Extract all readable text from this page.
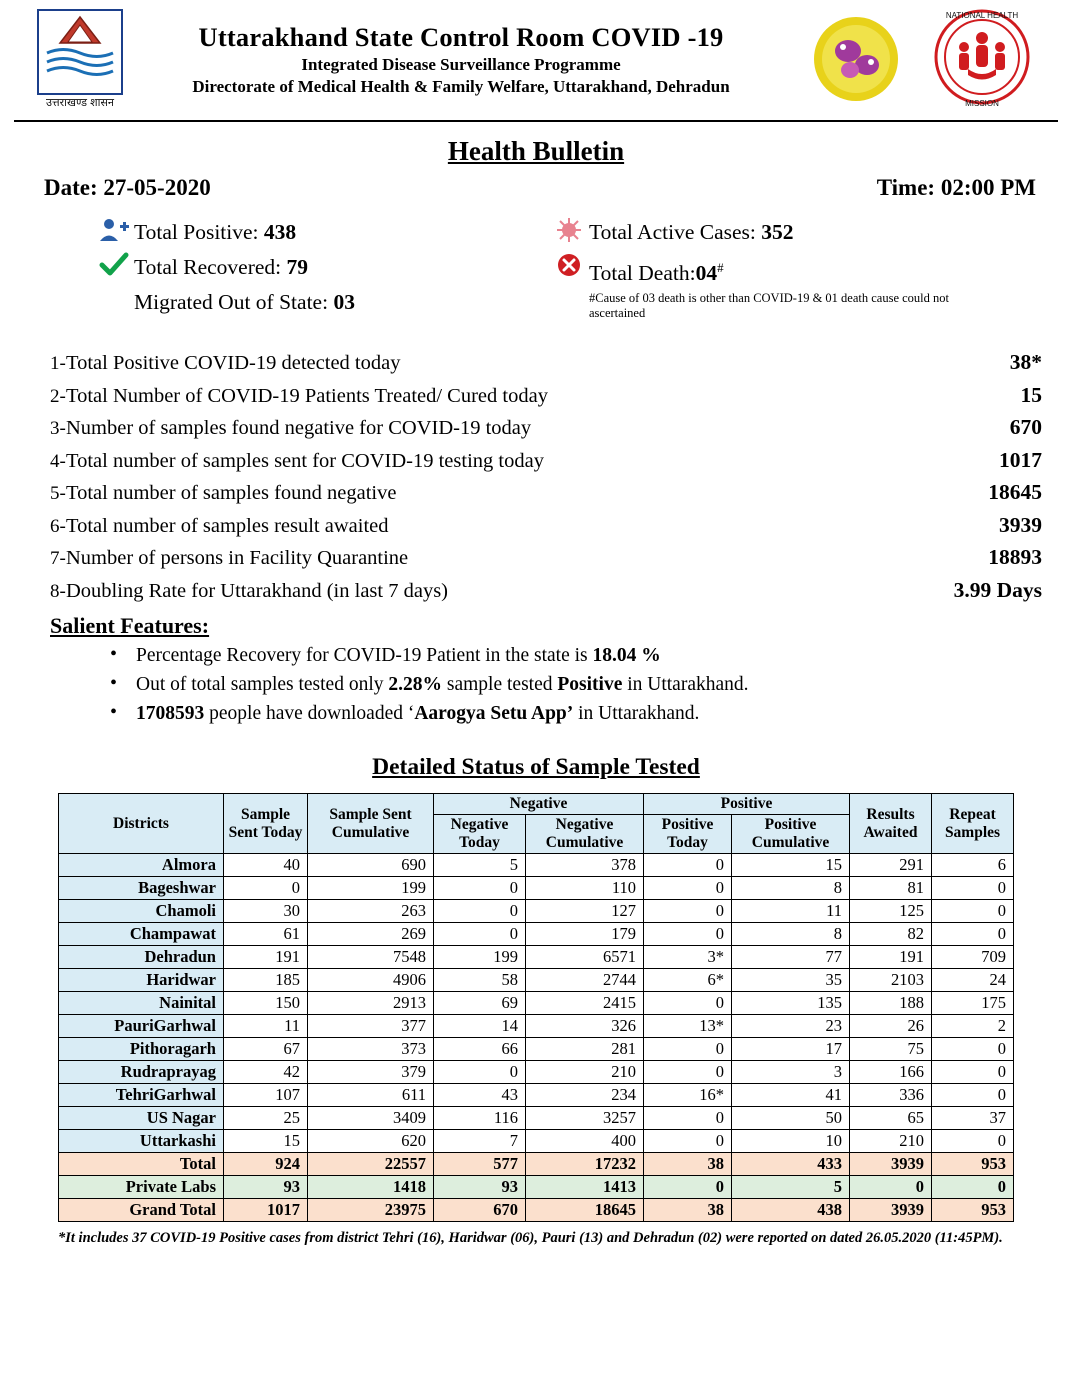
उत्तराखण्ड शासन
Uttarakhand State Control Room COVID -19
Integrated Disease Surveillance Programme
Directorate of Medical Health & Family Welfare, Uttarakhand, Dehradun
NATIONAL HEALTH
MISSION
Health Bulletin
Date: 27-05-2020	Time: 02:00 PM
Total Positive: 438
Total Recovered: 79
Migrated Out of State: 03
Total Active Cases: 352
Total Death:04#
#Cause of 03 death is other than COVID-19 & 01 death cause could not ascertained
1- Total Positive COVID-19 detected today	38*
2- Total Number of COVID-19 Patients Treated/ Cured today	15
3- Number of samples found negative for COVID-19 today	670
4- Total number of samples sent for COVID-19 testing today	1017
5- Total number of samples found negative	18645
6- Total number of samples result awaited	3939
7- Number of persons in Facility Quarantine	18893
8- Doubling Rate for Uttarakhand (in last 7 days)	3.99 Days
Salient Features:
• Percentage Recovery for COVID-19 Patient in the state is 18.04 %
• Out of total samples tested only 2.28% sample tested Positive in Uttarakhand.
• 1708593 people have downloaded ‘Aarogya Setu App’ in Uttarakhand.
Detailed Status of Sample Tested
Districts	Sample Sent Today	Sample Sent Cumulative	Negative		Positive		Results Awaited	Repeat Samples
			Negative Today	Negative Cumulative	Positive Today	Positive Cumulative		
Almora	40	690	5	378	0	15	291	6
Bageshwar	0	199	0	110	0	8	81	0
Chamoli	30	263	0	127	0	11	125	0
Champawat	61	269	0	179	0	8	82	0
Dehradun	191	7548	199	6571	3*	77	191	709
Haridwar	185	4906	58	2744	6*	35	2103	24
Nainital	150	2913	69	2415	0	135	188	175
PauriGarhwal	11	377	14	326	13*	23	26	2
Pithoragarh	67	373	66	281	0	17	75	0
Rudraprayag	42	379	0	210	0	3	166	0
TehriGarhwal	107	611	43	234	16*	41	336	0
US Nagar	25	3409	116	3257	0	50	65	37
Uttarkashi	15	620	7	400	0	10	210	0
Total	924	22557	577	17232	38	433	3939	953
Private Labs	93	1418	93	1413	0	5	0	0
Grand Total	1017	23975	670	18645	38	438	3939	953
*It includes 37 COVID-19 Positive cases from district Tehri (16), Haridwar (06), Pauri (13) and Dehradun (02) were reported on dated 26.05.2020 (11:45PM).
